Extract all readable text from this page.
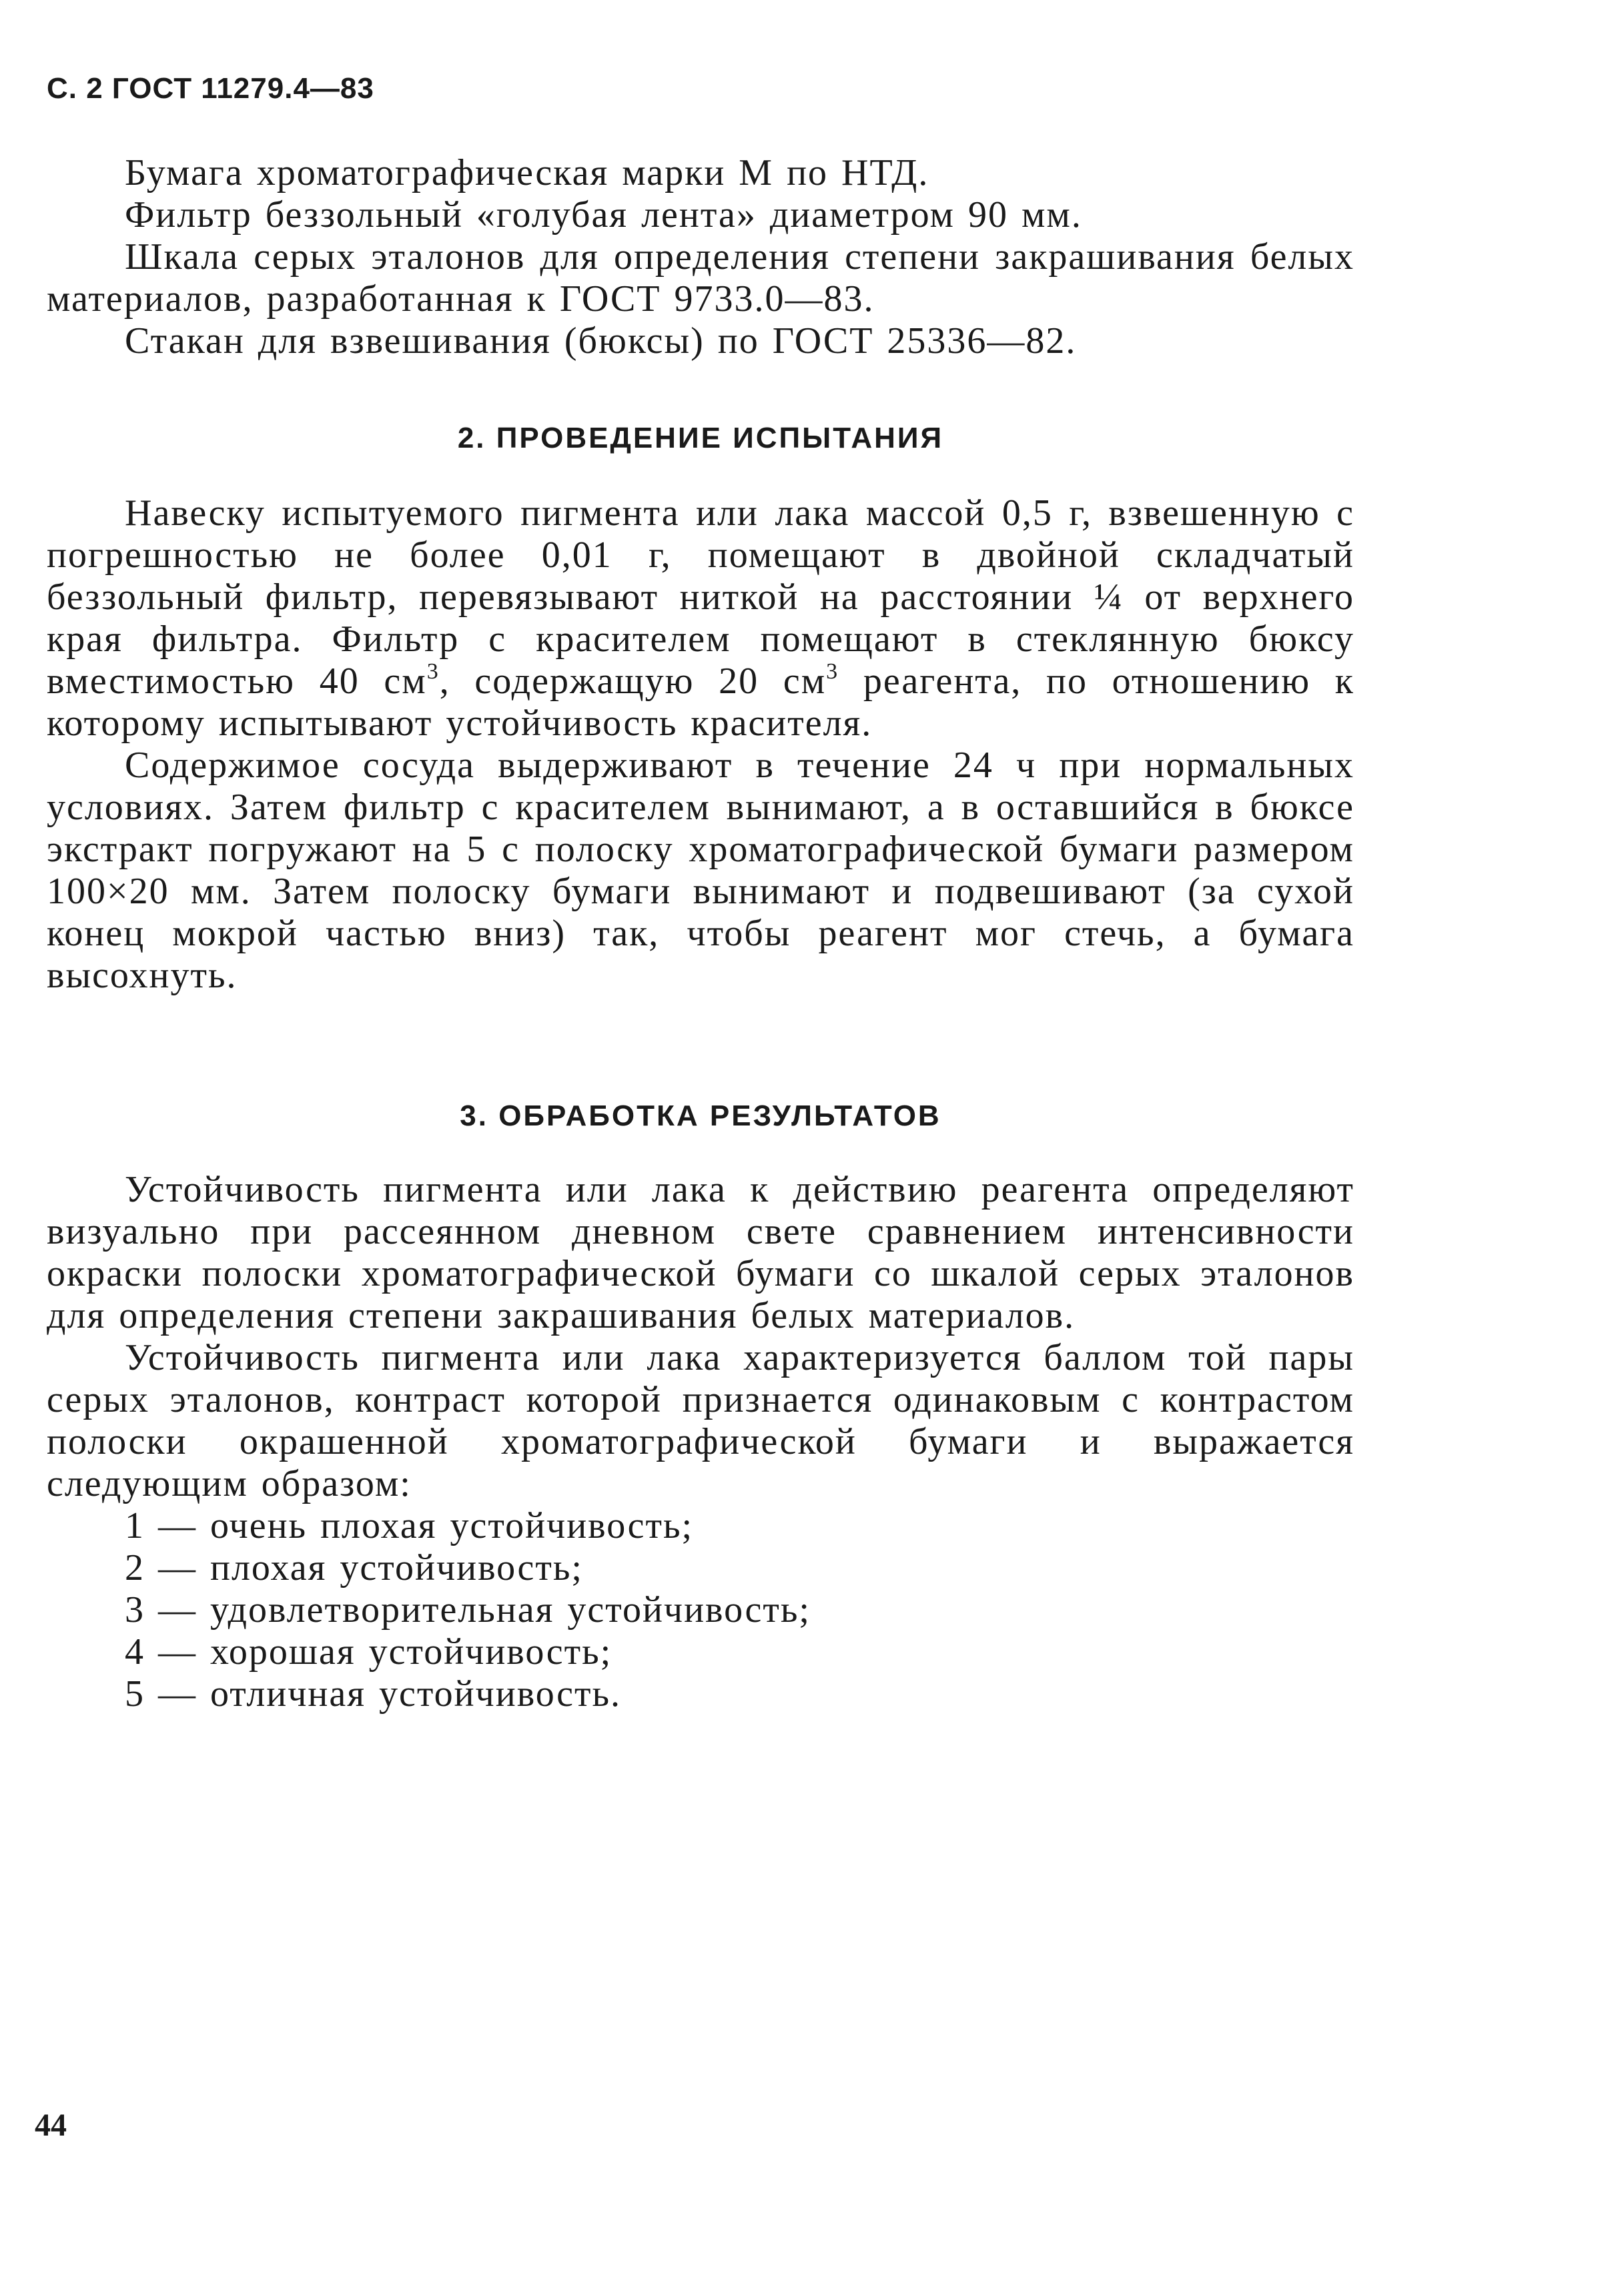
С. 2 ГОСТ 11279.4—83

Бумага хроматографическая марки М по НТД.

Фильтр беззольный «голубая лента» диаметром 90 мм.

Шкала серых эталонов для определения степени закрашивания белых материалов, разработанная к ГОСТ 9733.0—83.

Стакан для взвешивания (бюксы) по ГОСТ 25336—82.

2. ПРОВЕДЕНИЕ ИСПЫТАНИЯ

Навеску испытуемого пигмента или лака массой 0,5 г, взвешенную с погрешностью не более 0,01 г, помещают в двойной складчатый беззольный фильтр, перевязывают ниткой на расстоянии ¼ от верхнего края фильтра. Фильтр с красителем помещают в стеклянную бюксу вместимостью 40 $см^3$, содержащую 20 $см^3$ реагента, по отношению к которому испытывают устойчивость красителя.

Содержимое сосуда выдерживают в течение 24 ч при нормальных условиях. Затем фильтр с красителем вынимают, а в оставшийся в бюксе экстракт погружают на 5 с полоску хроматографической бумаги размером 100×20 мм. Затем полоску бумаги вынимают и подвешивают (за сухой конец мокрой частью вниз) так, чтобы реагент мог стечь, а бумага высохнуть.

3. ОБРАБОТКА РЕЗУЛЬТАТОВ

Устойчивость пигмента или лака к действию реагента определяют визуально при рассеянном дневном свете сравнением интенсивности окраски полоски хроматографической бумаги со шкалой серых эталонов для определения степени закрашивания белых материалов.

Устойчивость пигмента или лака характеризуется баллом той пары серых эталонов, контраст которой признается одинаковым с контрастом полоски окрашенной хроматографической бумаги и выражается следующим образом:

1 — очень плохая устойчивость;

2 — плохая устойчивость;

3 — удовлетворительная устойчивость;

4 — хорошая устойчивость;

5 — отличная устойчивость.

44
